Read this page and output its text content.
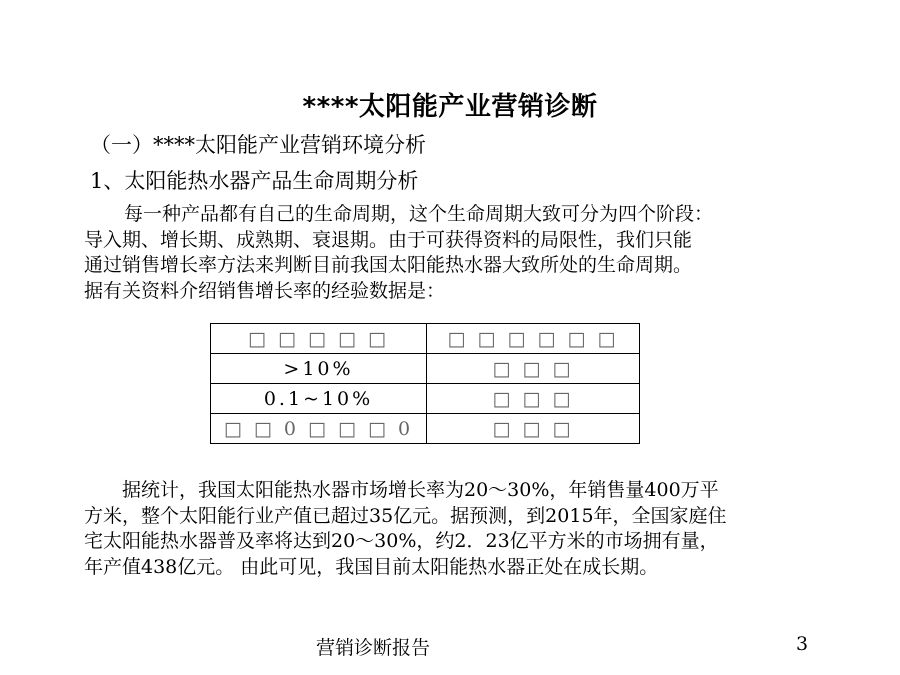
****太阳能产业营销诊断
（一）****太阳能产业营销环境分析
1、太阳能热水器产品生命周期分析
每一种产品都有自己的生命周期，这个生命周期大致可分为四个阶段：
导入期、增长期、成熟期、衰退期。由于可获得资料的局限性，我们只能
通过销售增长率方法来判断目前我国太阳能热水器大致所处的生命周期。
据有关资料介绍销售增长率的经验数据是：
□ □ □ □ □	□ □ □ □ □ □
>10%	□ □ □
0.1~10%	□ □ □
□ □ 0 □ □ □ 0	□ □ □
据统计，我国太阳能热水器市场增长率为20～30%，年销售量400万平
方米，整个太阳能行业产值已超过35亿元。据预测，到2015年，全国家庭住
宅太阳能热水器普及率将达到20～30%，约2．23亿平方米的市场拥有量，
年产值438亿元。 由此可见，我国目前太阳能热水器正处在成长期。
营销诊断报告	3
